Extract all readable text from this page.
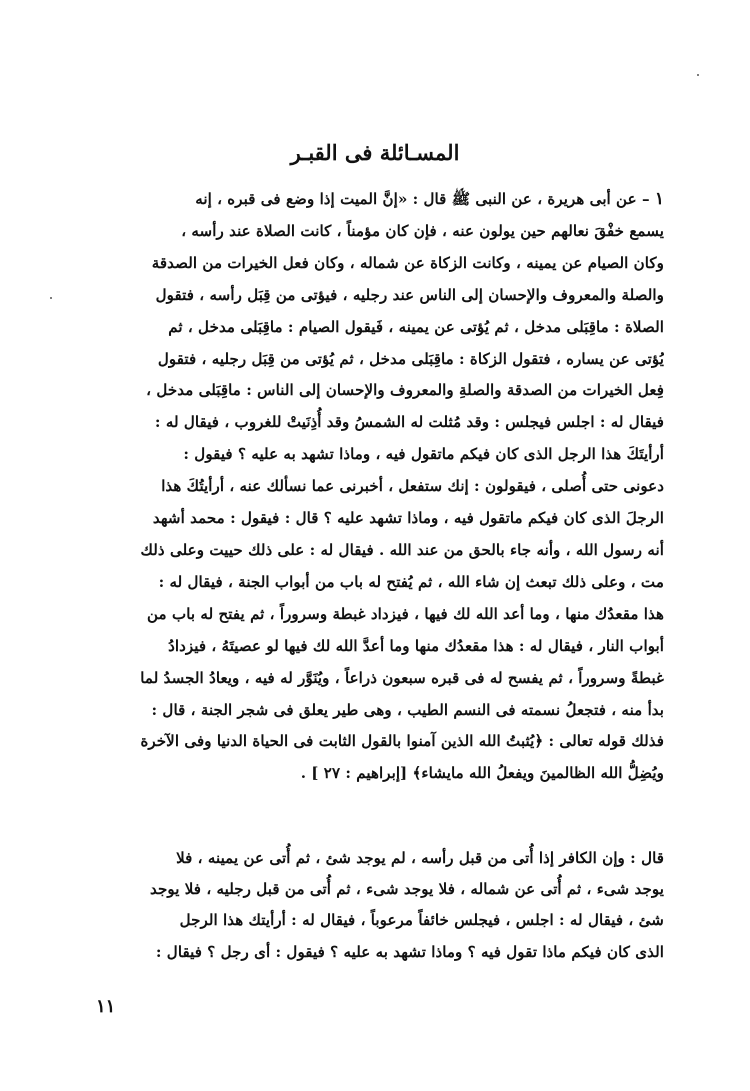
المسـائلة فى القبـر

١ – عن أبى هريرة ، عن النبى ﷺ قال : «إنَّ الميت إذا وضع فى قبره ، إنه

يسمع خفْقَ نعالهم حين يولون عنه ، فإن كان مؤمناً ، كانت الصلاة عند رأسه ،

وكان الصيام عن يمينه ، وكانت الزكاة عن شماله ، وكان فعل الخيرات من الصدقة

والصلة والمعروف والإحسان إلى الناس عند رجليه ، فيؤتى من قِبَل رأسه ، فتقول

الصلاة : ماقِبَلى مدخل ، ثم يُؤتى عن يمينه ، فَيقول الصيام : ماقِبَلى مدخل ، ثم

يُؤتى عن يساره ، فتقول الزكاة : ماقِبَلى مدخل ، ثم يُؤتى من قِبَل رجليه ، فتقول

فِعل الخيرات من الصدقة والصلةِ والمعروف والإحسان إلى الناس : ماقِبَلى مدخل ،

فيقال له : اجلس فيجلس : وقد مُثلت له الشمسُ وقد أُذِنَيتْ للغروب ، فيقال له :

أرأيتَكَ هذا الرجل الذى كان فيكم ماتقول فيه ، وماذا تشهد به عليه ؟ فيقول :

دعونى حتى أُصلى ، فيقولون : إنك ستفعل ، أخبرنى عما نسألك عنه ، أرأيتُكَ هذا

الرجلَ الذى كان فيكم ماتقول فيه ، وماذا تشهد عليه ؟ قال : فيقول : محمد أشهد

أنه رسول الله ، وأنه جاء بالحق من عند الله . فيقال له : على ذلك حييت وعلى ذلك

مت ، وعلى ذلك تبعث إن شاء الله ، ثم يُفتح له باب من أبواب الجنة ، فيقال له :

هذا مقعدُك منها ، وما أعد الله لك فيها ، فيزداد غبطة وسروراً ، ثم يفتح له باب من

أبواب النار ، فيقال له : هذا مقعدُك منها وما أعدَّ الله لك فيها لو عصيتَهُ ، فيزدادُ

غبطةً وسروراً ، ثم يفسح له فى قبره سبعون ذراعاً ، ويُنَوَّر له فيه ، ويعادُ الجسدُ لما

بدأ منه ، فتجعلُ نسمته فى النسم الطيب ، وهى طير يعلق فى شجر الجنة ، قال :

فذلك قوله تعالى : ﴿يُثبتُ الله الذين آمنوا بالقول الثابت فى الحياة الدنيا وفى الآخرة

ويُضِلُّ الله الظالمينَ ويفعلُ الله مايشاء﴾ [إبراهيم : ٢٧ ] .

قال : وإن الكافر إذا أُتى من قبل رأسه ، لم يوجد شئ ، ثم أُتى عن يمينه ، فلا

يوجد شىء ، ثم أُتى عن شماله ، فلا يوجد شىء ، ثم أُتى من قبل رجليه ، فلا يوجد

شئ ، فيقال له : اجلس ، فيجلس خائفاً مرعوباً ، فيقال له : أرأيتك هذا الرجل

الذى كان فيكم ماذا تقول فيه ؟ وماذا تشهد به عليه ؟ فيقول : أى رجل ؟ فيقال :

١١
